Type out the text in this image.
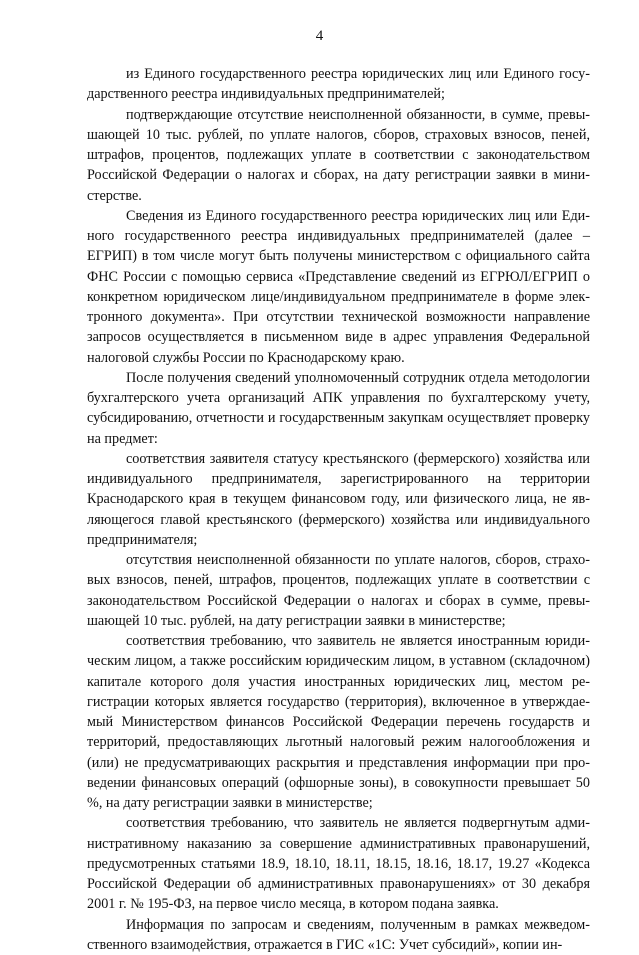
4

из Единого государственного реестра юридических лиц или Единого государственного реестра индивидуальных предпринимателей;

подтверждающие отсутствие неисполненной обязанности, в сумме, превышающей 10 тыс. рублей, по уплате налогов, сборов, страховых взносов, пеней, штрафов, процентов, подлежащих уплате в соответствии с законодательством Российской Федерации о налогах и сборах, на дату регистрации заявки в министерстве.

Сведения из Единого государственного реестра юридических лиц или Единого государственного реестра индивидуальных предпринимателей (далее – ЕГРИП) в том числе могут быть получены министерством с официального сайта ФНС России с помощью сервиса «Представление сведений из ЕГРЮЛ/ЕГРИП о конкретном юридическом лице/индивидуальном предпринимателе в форме электронного документа». При отсутствии технической возможности направление запросов осуществляется в письменном виде в адрес управления Федеральной налоговой службы России по Краснодарскому краю.

После получения сведений уполномоченный сотрудник отдела методологии бухгалтерского учета организаций АПК управления по бухгалтерскому учету, субсидированию, отчетности и государственным закупкам осуществляет проверку на предмет:

соответствия заявителя статусу крестьянского (фермерского) хозяйства или индивидуального предпринимателя, зарегистрированного на территории Краснодарского края в текущем финансовом году, или физического лица, не являющегося главой крестьянского (фермерского) хозяйства или индивидуального предпринимателя;

отсутствия неисполненной обязанности по уплате налогов, сборов, страховых взносов, пеней, штрафов, процентов, подлежащих уплате в соответствии с законодательством Российской Федерации о налогах и сборах в сумме, превышающей 10 тыс. рублей, на дату регистрации заявки в министерстве;

соответствия требованию, что заявитель не является иностранным юридическим лицом, а также российским юридическим лицом, в уставном (складочном) капитале которого доля участия иностранных юридических лиц, местом регистрации которых является государство (территория), включенное в утверждаемый Министерством финансов Российской Федерации перечень государств и территорий, предоставляющих льготный налоговый режим налогообложения и (или) не предусматривающих раскрытия и представления информации при проведении финансовых операций (офшорные зоны), в совокупности превышает 50 %, на дату регистрации заявки в министерстве;

соответствия требованию, что заявитель не является подвергнутым административному наказанию за совершение административных правонарушений, предусмотренных статьями 18.9, 18.10, 18.11, 18.15, 18.16, 18.17, 19.27 «Кодекса Российской Федерации об административных правонарушениях» от 30 декабря 2001 г. № 195-ФЗ, на первое число месяца, в котором подана заявка.

Информация по запросам и сведениям, полученным в рамках межведомственного взаимодействия, отражается в ГИС «1С: Учет субсидий», копии ин-
